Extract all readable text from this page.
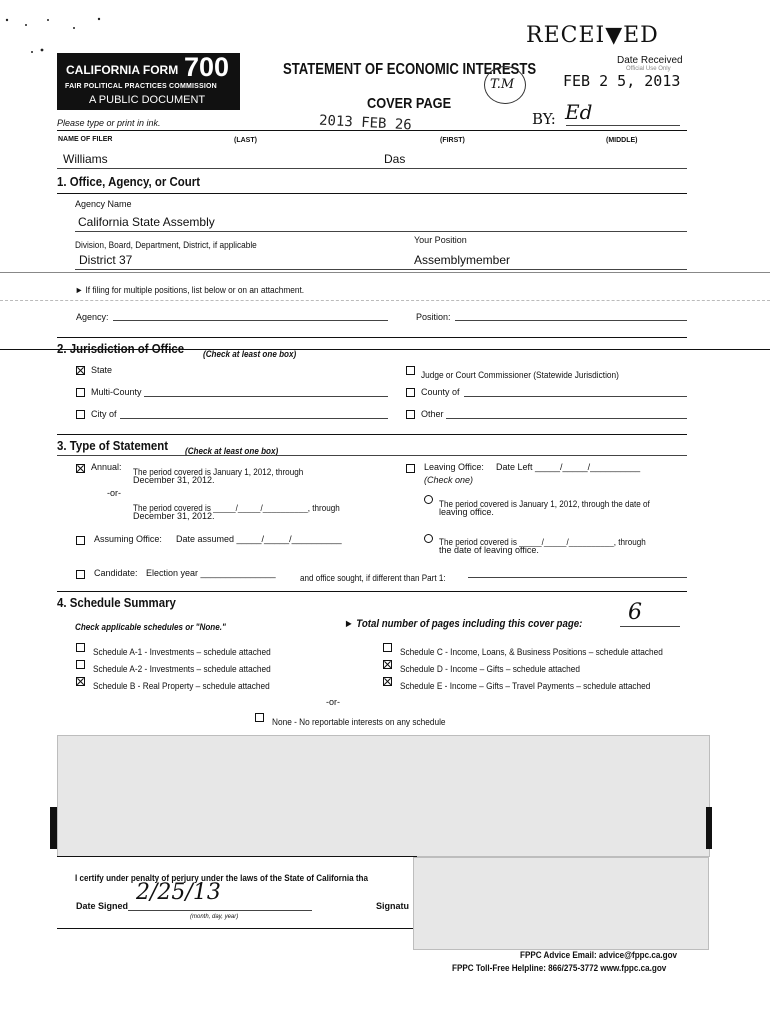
RECEI▼ED
Date Received
Official Use Only
FEB 2 5, 2013
CALIFORNIA FORM 700
FAIR POLITICAL PRACTICES COMMISSION
A PUBLIC DOCUMENT
STATEMENT OF ECONOMIC INTERESTS
T.M
COVER PAGE
2013 FEB 26	BY: Ed
Please type or print in ink.
NAME OF FILER	(LAST)	(FIRST)	(MIDDLE)
Williams	Das
1. Office, Agency, or Court
Agency Name
California State Assembly
Division, Board, Department, District, if applicable	Your Position
District 37	Assemblymember
► If filing for multiple positions, list below or on an attachment.
Agency:	Position:
2. Jurisdiction of Office	(Check at least one box)
State	Judge or Court Commissioner (Statewide Jurisdiction)
Multi-County	County of
City of	Other
3. Type of Statement	(Check at least one box)
Annual: The period covered is January 1, 2012, through
December 31, 2012.
-or-
The period covered is _____/_____/__________, through
December 31, 2012.
Leaving Office: Date Left _____/_____/__________
(Check one)
The period covered is January 1, 2012, through the date of
leaving office.
The period covered is _____/_____/__________, through
the date of leaving office.
Assuming Office: Date assumed _____/_____/__________
Candidate: Election year _______________	and office sought, if different than Part 1:
4. Schedule Summary
Check applicable schedules or "None."	► Total number of pages including this cover page:	6
Schedule A-1 - Investments – schedule attached
Schedule A-2 - Investments – schedule attached
Schedule B - Real Property – schedule attached
Schedule C - Income, Loans, & Business Positions – schedule attached
Schedule D - Income – Gifts – schedule attached
Schedule E - Income – Gifts – Travel Payments – schedule attached
-or-
None - No reportable interests on any schedule
I certify under penalty of perjury under the laws of the State of California tha
Date Signed
2/25/13
(month, day, year)
Signatu
FPPC Advice Email: advice@fppc.ca.gov
FPPC Toll-Free Helpline: 866/275-3772 www.fppc.ca.gov
